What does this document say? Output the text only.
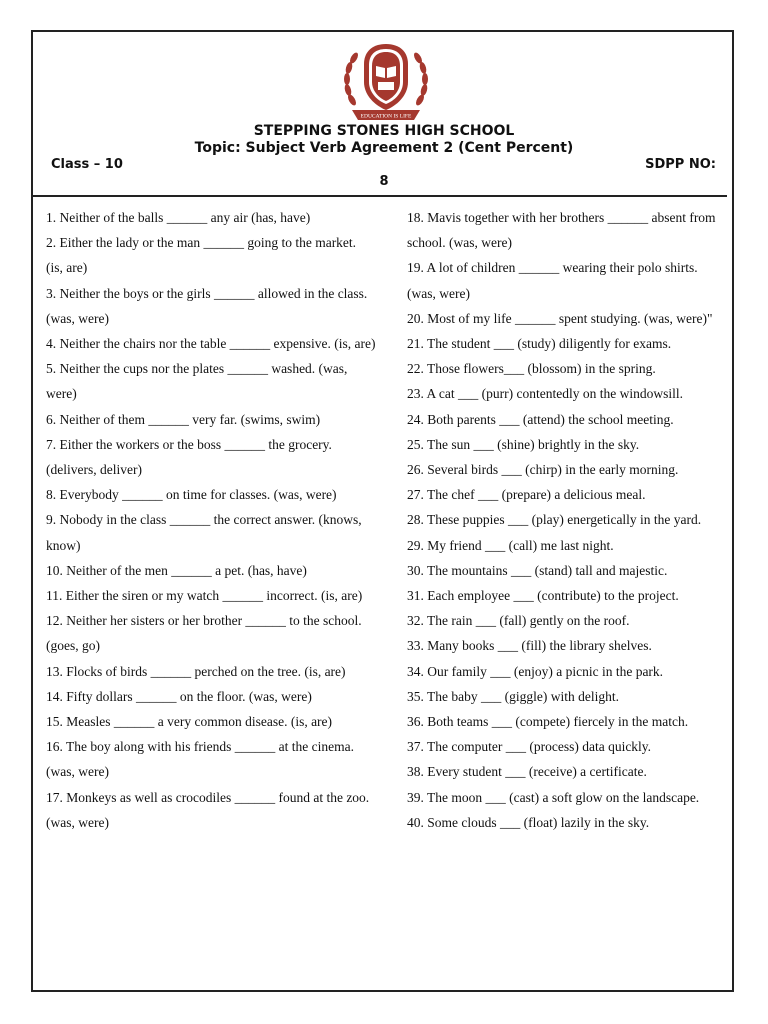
EDUCATION IS LIFE
STEPPING STONES HIGH SCHOOL
Topic: Subject Verb Agreement 2 (Cent Percent)
Class – 10	SDPP NO:
8

1. Neither of the balls ______ any air (has, have)

2. Either the lady or the man ______ going to the market. (is, are)

3. Neither the boys or the girls ______ allowed in the class. (was, were)

4. Neither the chairs nor the table ______ expensive. (is, are)

5. Neither the cups nor the plates ______ washed. (was, were)

6. Neither of them ______ very far. (swims, swim)

7. Either the workers or the boss ______ the grocery. (delivers, deliver)

8. Everybody ______ on time for classes. (was, were)

9. Nobody in the class ______ the correct answer. (knows, know)

10. Neither of the men ______ a pet. (has, have)

11. Either the siren or my watch ______ incorrect. (is, are)

12. Neither her sisters or her brother ______ to the school. (goes, go)

13. Flocks of birds ______ perched on the tree. (is, are)

14. Fifty dollars ______ on the floor. (was, were)

15. Measles ______ a very common disease. (is, are)

16. The boy along with his friends ______ at the cinema. (was, were)

17. Monkeys as well as crocodiles ______ found at the zoo. (was, were)

18. Mavis together with her brothers ______ absent from school. (was, were)

19. A lot of children ______ wearing their polo shirts. (was, were)

20. Most of my life ______ spent studying. (was, were)"

21. The student ___ (study) diligently for exams.

22. Those flowers___ (blossom) in the spring.

23. A cat ___ (purr) contentedly on the windowsill.

24. Both parents ___ (attend) the school meeting.

25. The sun ___ (shine) brightly in the sky.

26. Several birds ___ (chirp) in the early morning.

27. The chef ___ (prepare) a delicious meal.

28. These puppies ___ (play) energetically in the yard.

29. My friend ___ (call) me last night.

30. The mountains ___ (stand) tall and majestic.

31. Each employee ___ (contribute) to the project.

32. The rain ___ (fall) gently on the roof.

33. Many books ___ (fill) the library shelves.

34. Our family ___ (enjoy) a picnic in the park.

35. The baby ___ (giggle) with delight.

36. Both teams ___ (compete) fiercely in the match.

37. The computer ___ (process) data quickly.

38. Every student ___ (receive) a certificate.

39. The moon ___ (cast) a soft glow on the landscape.

40. Some clouds ___ (float) lazily in the sky.
